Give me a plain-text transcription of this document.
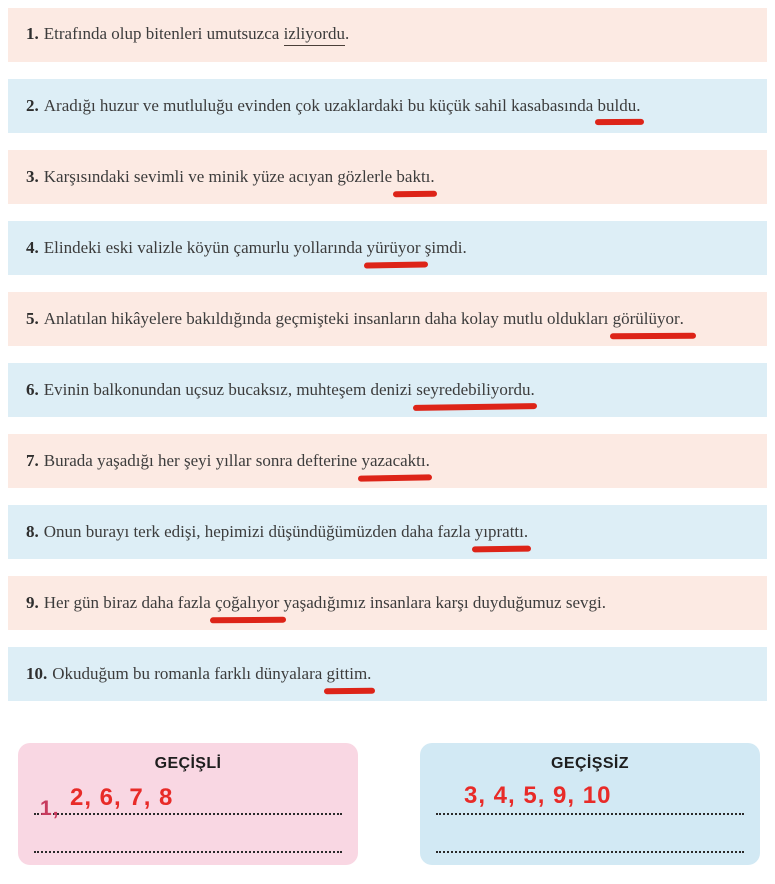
1. Etrafında olup bitenleri umutsuzca izliyordu.

2. Aradığı huzur ve mutluluğu evinden çok uzaklardaki bu küçük sahil kasabasında buldu
.

3. Karşısındaki sevimli ve minik yüze acıyan gözlerle baktı
.

4. Elindeki eski valizle köyün çamurlu yollarında yürüyor
şimdi.

5. Anlatılan hikâyelere bakıldığında geçmişteki insanların daha kolay mutlu oldukları görülüyor
.

6. Evinin balkonundan uçsuz bucaksız, muhteşem denizi seyredebiliyordu
.

7. Burada yaşadığı her şeyi yıllar sonra defterine yazacaktı
.

8. Onun burayı terk edişi, hepimizi düşündüğümüzden daha fazla yıprattı
.

9. Her gün biraz daha fazla çoğalıyor
yaşadığımız insanlara karşı duyduğumuz sevgi.

10. Okuduğum bu romanla farklı dünyalara gittim
.

GEÇİŞLİ
1, 2, 6, 7, 8
GEÇİŞSİZ
3, 4, 5, 9, 10
